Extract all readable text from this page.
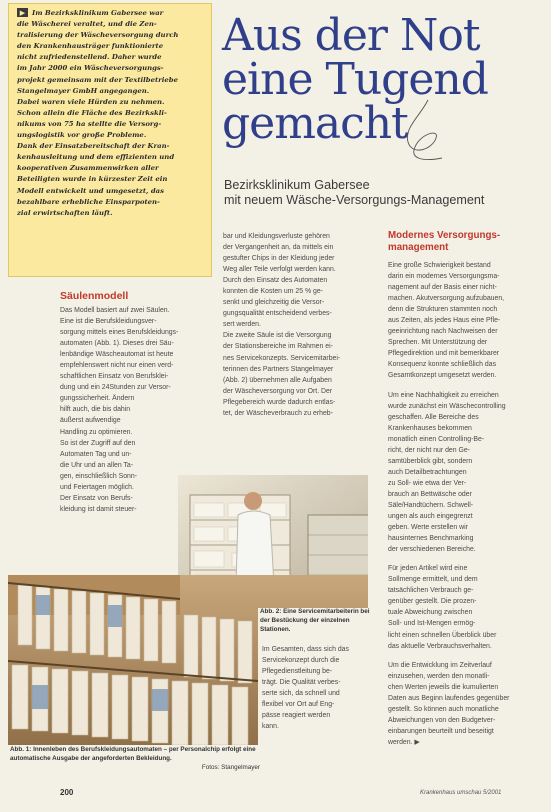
▶ Im Bezirksklinikum Gabersee war
die Wäscherei veraltet, und die Zen-
tralisierung der Wäscheversorgung durch
den Krankenhausträger funktionierte
nicht zufriedenstellend. Daher wurde
im Jahr 2000 ein Wäscheversorgungs-
projekt gemeinsam mit der Textilbetriebe
Stangelmayer GmbH angegangen.
Dabei waren viele Hürden zu nehmen.
Schon allein die Fläche des Bezirkskli-
nikums von 75 ha stellte die Versorg-
ungslogistik vor große Probleme.
Dank der Einsatzbereitschaft der Kran-
kenhausleitung und dem effizienten und
kooperativen Zusammenwirken aller
Beteiligten wurde in kürzester Zeit ein
Modell entwickelt und umgesetzt, das
bezahlbare erhebliche Einsparpoten-
zial erwirtschaften läuft.
Aus der Not
eine Tugend
gemacht
Bezirksklinikum Gabersee
mit neuem Wäsche-Versorgungs-Management
Säulenmodell
Das Modell basiert auf zwei Säulen.
Eine ist die Berufskleidungsver-
sorgung mittels eines Berufskleidungs-
automaten (Abb. 1). Dieses drei Säu-
lenbändige Wäscheautomat ist heute
empfehlenswert nicht nur einen verd-
schaftlichen Einsatz von Berufsklei-
dung und ein 24Stunden zur Versor-
gungssicherheit. Ändern
hilft auch, die bis dahin
äußerst aufwendige
Handling zu optimieren.
So ist der Zugriff auf den
Automaten Tag und un-
die Uhr und an allen Ta-
gen, einschließlich Sonn-
und Feiertagen möglich.
Der Einsatz von Berufs-
kleidung ist damit steuer-
bar und Kleidungsverluste gehören
der Vergangenheit an, da mittels ein
gestufter Chips in der Kleidung jeder
Weg aller Teile verfolgt werden kann.
Durch den Einsatz des Automaten
konnten die Kosten um 25 % ge-
senkt und gleichzeitig die Versor-
gungsqualität entscheidend verbes-
sert werden.
Die zweite Säule ist die Versorgung
der Stationsbereiche im Rahmen ei-
nes Servicekonzepts. Servicemitarbei-
terinnen des Partners Stangelmayer
(Abb. 2) übernehmen alle Aufgaben
der Wäscheversorgung vor Ort. Der
Pflegebereich wurde dadurch entlas-
tet, der Wäscheverbrauch zu erheb-
Modernes Versorgungs-
management
Eine große Schwierigkeit bestand
darin ein modernes Versorgungsma-
nagement auf der Basis einer nicht-
machen. Akutversorgung aufzubauen,
denn die Strukturen stammten noch
aus Zeiten, als jedes Haus eine Pfle-
geeinrichtung nach Nachweisen der
Sprechen. Mit Unterstützung der
Pflegedirektion und mit bemerkbarer
Konsequenz konnte schließlich das
Gesamtkonzept umgesetzt werden.
Um eine Nachhaltigkeit zu erreichen
wurde zunächst ein Wäschecontrolling
geschaffen. Alle Bereiche des
Krankenhauses bekommen
monatlich einen Controlling-Be-
richt, der nicht nur den Ge-
samtüberblick gibt, sondern
auch Detailbetrachtungen
zu Soll- wie etwa der Ver-
brauch an Bettwäsche oder
Säle/Handtüchern. Schwell-
ungen als auch eingegrenzt
geben. Werte erstellen wir
hausinternes Benchmarking
der verschiedenen Bereiche.
Für jeden Artikel wird eine
Sollmenge ermittelt, und dem
tatsächlichen Verbrauch ge-
genüber gestellt. Die prozen-
tuale Abweichung zwischen
Soll- und Ist-Mengen ermög-
licht einen schnellen Überblick über
das aktuelle Verbrauchsverhalten.
Um die Entwicklung im Zeitverlauf
einzusehen, werden den monatli-
chen Werten jeweils die kumulierten
Daten aus Beginn laufendes gegenüber
gestellt. So können auch monatliche
Abweichungen von den Budgetver-
einbarungen beurteilt und beseitigt
werden. ▶
Abb. 2: Eine Servicemitarbeiterin bei der Bestückung der einzelnen Stationen.
Im Gesamten, dass sich das
Servicekonzept durch die
Pflegedienstleitung be-
trägt. Die Qualität verbes-
serte sich, da schnell und
flexibel vor Ort auf Eng-
pässe reagiert werden
kann.
Abb. 1: Innenleben des Berufskleidungsautomaten – per Personalchip erfolgt eine automatische Ausgabe der angeforderten Bekleidung.
Fotos: Stangelmayer
200	Krankenhaus umschau 5/2001
